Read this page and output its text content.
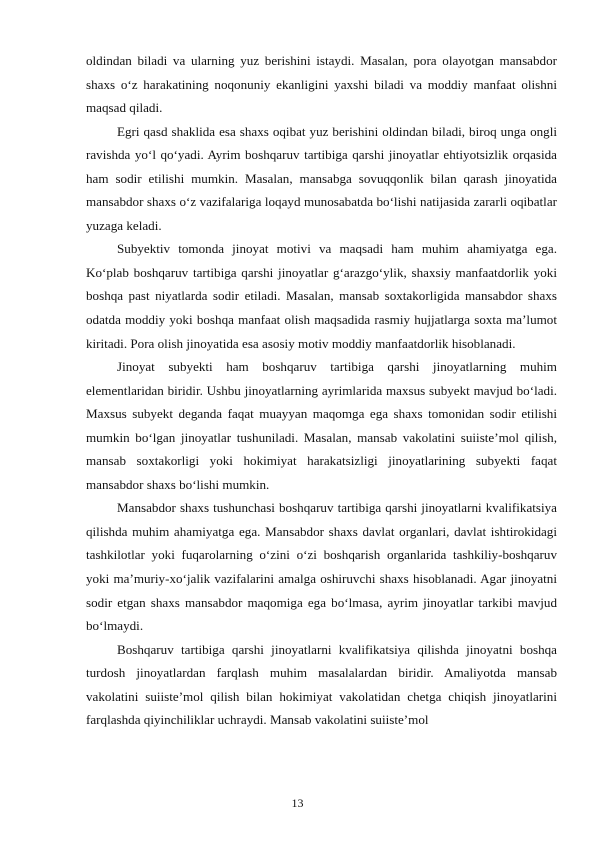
oldindan biladi va ularning yuz berishini istaydi. Masalan, pora olayotgan mansabdor shaxs o‘z harakatining noqonuniy ekanligini yaxshi biladi va moddiy manfaat olishni maqsad qiladi.

Egri qasd shaklida esa shaxs oqibat yuz berishini oldindan biladi, biroq unga ongli ravishda yo‘l qo‘yadi. Ayrim boshqaruv tartibiga qarshi jinoyatlar ehtiyotsizlik orqasida ham sodir etilishi mumkin. Masalan, mansabga sovuqqonlik bilan qarash jinoyatida mansabdor shaxs o‘z vazifalariga loqayd munosabatda bo‘lishi natijasida zararli oqibatlar yuzaga keladi.

Subyektiv tomonda jinoyat motivi va maqsadi ham muhim ahamiyatga ega. Ko‘plab boshqaruv tartibiga qarshi jinoyatlar g‘arazgo‘ylik, shaxsiy manfaatdorlik yoki boshqa past niyatlarda sodir etiladi. Masalan, mansab soxtakorligida mansabdor shaxs odatda moddiy yoki boshqa manfaat olish maqsadida rasmiy hujjatlarga soxta ma’lumot kiritadi. Pora olish jinoyatida esa asosiy motiv moddiy manfaatdorlik hisoblanadi.

Jinoyat subyekti ham boshqaruv tartibiga qarshi jinoyatlarning muhim elementlaridan biridir. Ushbu jinoyatlarning ayrimlarida maxsus subyekt mavjud bo‘ladi. Maxsus subyekt deganda faqat muayyan maqomga ega shaxs tomonidan sodir etilishi mumkin bo‘lgan jinoyatlar tushuniladi. Masalan, mansab vakolatini suiiste’mol qilish, mansab soxtakorligi yoki hokimiyat harakatsizligi jinoyatlarining subyekti faqat mansabdor shaxs bo‘lishi mumkin.

Mansabdor shaxs tushunchasi boshqaruv tartibiga qarshi jinoyatlarni kvalifikatsiya qilishda muhim ahamiyatga ega. Mansabdor shaxs davlat organlari, davlat ishtirokidagi tashkilotlar yoki fuqarolarning o‘zini o‘zi boshqarish organlarida tashkiliy-boshqaruv yoki ma’muriy-xo‘jalik vazifalarini amalga oshiruvchi shaxs hisoblanadi. Agar jinoyatni sodir etgan shaxs mansabdor maqomiga ega bo‘lmasa, ayrim jinoyatlar tarkibi mavjud bo‘lmaydi.

Boshqaruv tartibiga qarshi jinoyatlarni kvalifikatsiya qilishda jinoyatni boshqa turdosh jinoyatlardan farqlash muhim masalalardan biridir. Amaliyotda mansab vakolatini suiiste’mol qilish bilan hokimiyat vakolatidan chetga chiqish jinoyatlarini farqlashda qiyinchiliklar uchraydi. Mansab vakolatini suiiste’mol

13
